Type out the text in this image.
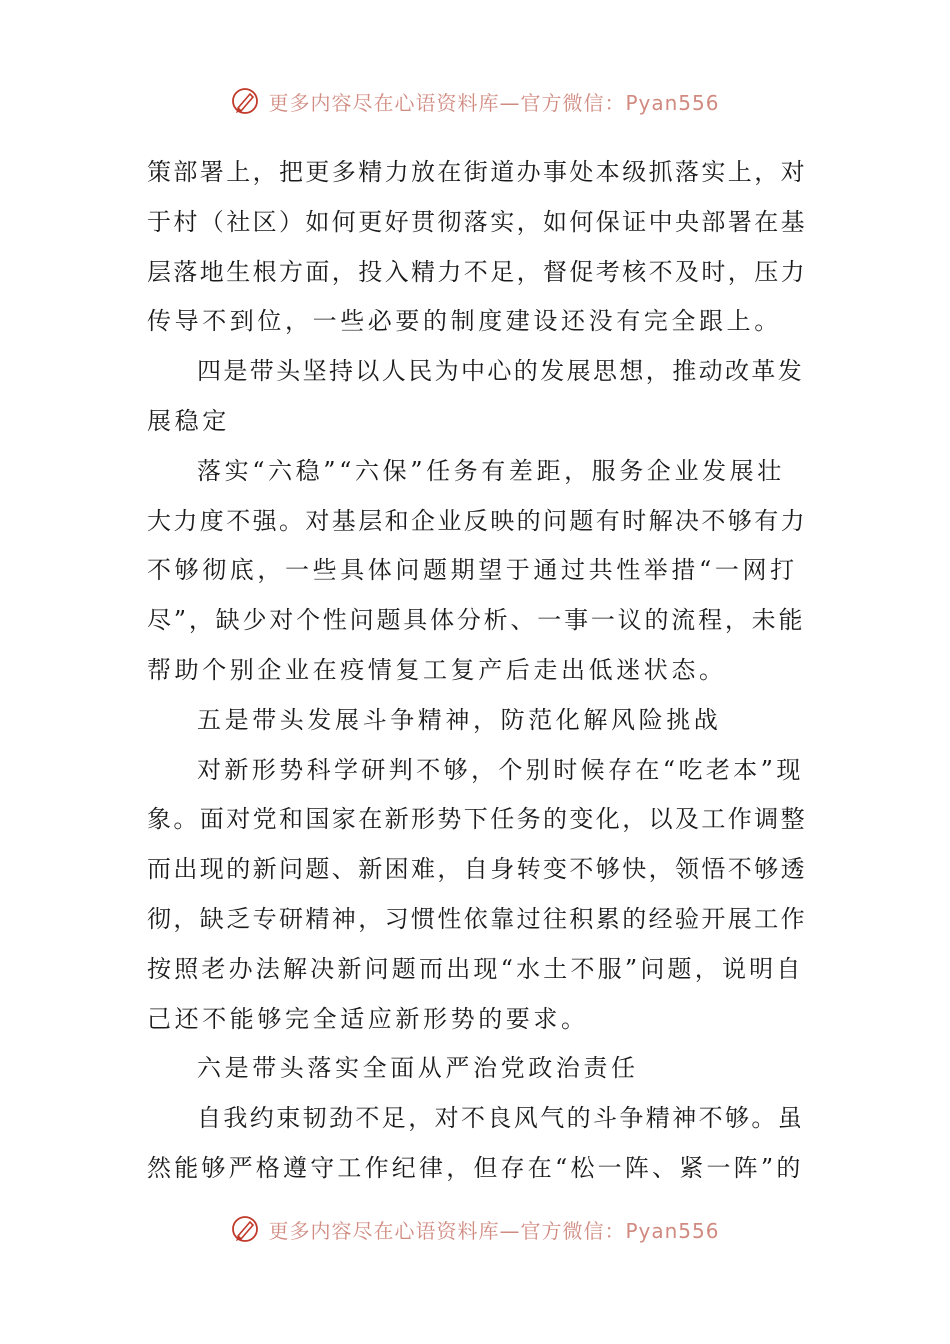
更多内容尽在心语资料库—官方微信：Pyan556
策部署上，把更多精力放在街道办事处本级抓落实上，对
于村（社区）如何更好贯彻落实，如何保证中央部署在基
层落地生根方面，投入精力不足，督促考核不及时，压力
传导不到位，一些必要的制度建设还没有完全跟上。
四是带头坚持以人民为中心的发展思想，推动改革发
展稳定
落实“六稳”“六保”任务有差距，服务企业发展壮
大力度不强。对基层和企业反映的问题有时解决不够有力
不够彻底，一些具体问题期望于通过共性举措“一网打
尽”，缺少对个性问题具体分析、一事一议的流程，未能
帮助个别企业在疫情复工复产后走出低迷状态。
五是带头发展斗争精神，防范化解风险挑战
对新形势科学研判不够，个别时候存在“吃老本”现
象。面对党和国家在新形势下任务的变化，以及工作调整
而出现的新问题、新困难，自身转变不够快，领悟不够透
彻，缺乏专研精神，习惯性依靠过往积累的经验开展工作
按照老办法解决新问题而出现“水土不服”问题，说明自
己还不能够完全适应新形势的要求。
六是带头落实全面从严治党政治责任
自我约束韧劲不足，对不良风气的斗争精神不够。虽
然能够严格遵守工作纪律，但存在“松一阵、紧一阵”的
更多内容尽在心语资料库—官方微信：Pyan556
